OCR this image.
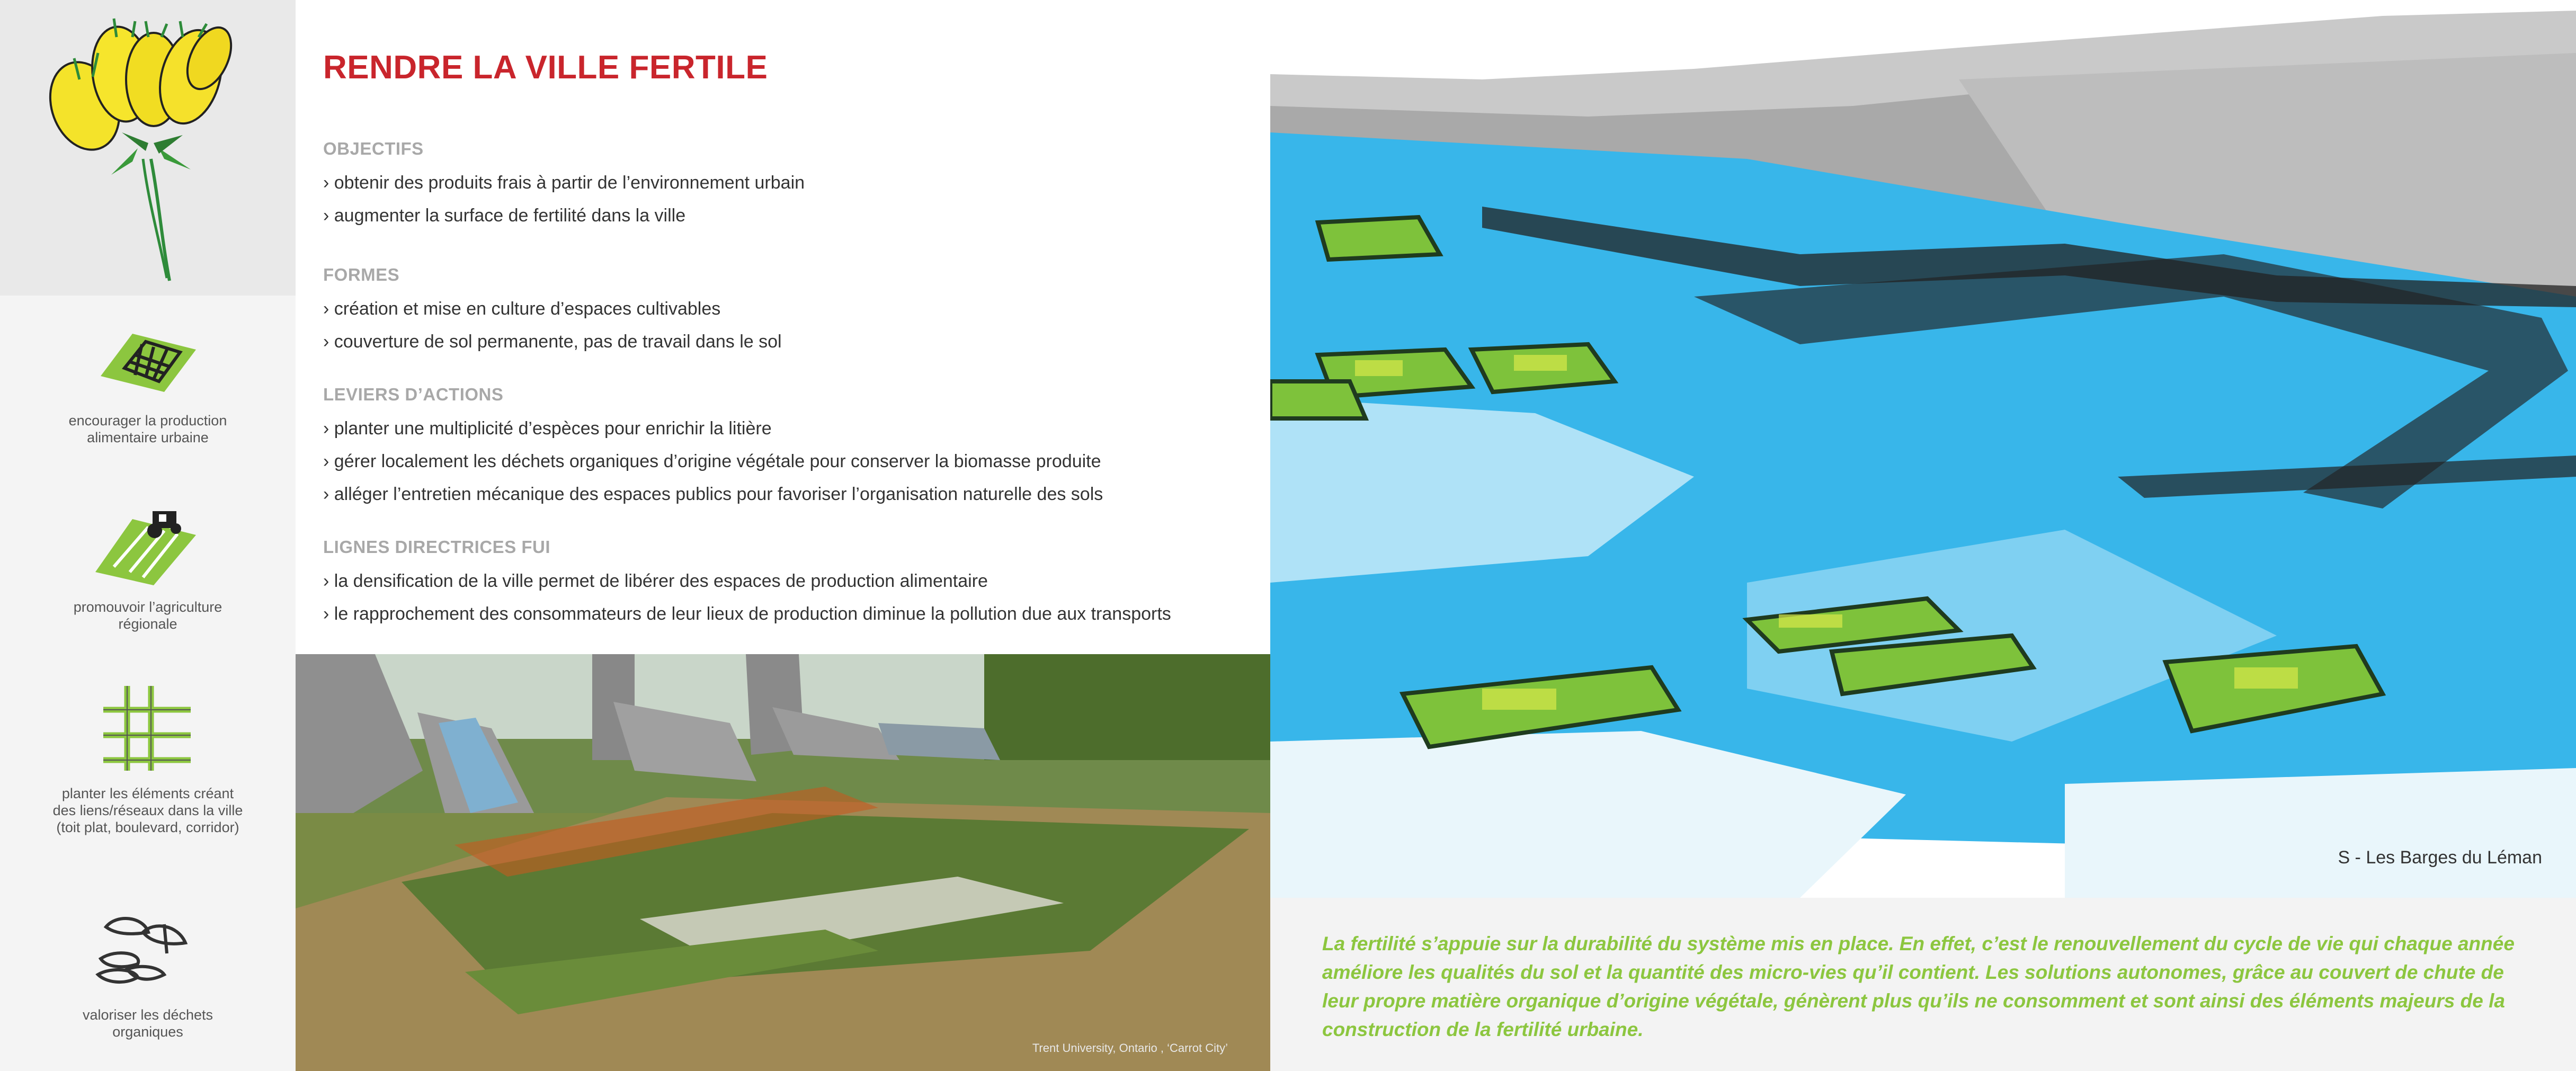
encourager la production
alimentaire urbaine
promouvoir l’agriculture
régionale
planter les éléments créant
des liens/réseaux dans la ville
(toit plat, boulevard, corridor)
valoriser les déchets
organiques
RENDRE LA VILLE FERTILE
OBJECTIFS

› obtenir des produits frais à partir de l’environnement urbain

› augmenter la surface de fertilité dans la ville

FORMES

› création et mise en culture d’espaces cultivables

› couverture de sol permanente, pas de travail dans le sol

LEVIERS D’ACTIONS

› planter une multiplicité d’espèces pour enrichir la litière

› gérer localement les déchets organiques d’origine végétale pour conserver la biomasse produite

› alléger l’entretien mécanique des espaces publics pour favoriser l’organisation naturelle des sols

LIGNES DIRECTRICES FUI

› la densification de la ville permet de libérer des espaces de production alimentaire

› le rapprochement des consommateurs de leur lieux de production diminue la pollution due aux transports

Trent University, Ontario , ‘Carrot City’
S - Les Barges du Léman

La fertilité s’appuie sur la durabilité du système mis en place. En effet, c’est le renouvellement du cycle de vie qui chaque année améliore les qualités du sol et la quantité des micro-vies qu’il contient. Les solutions autonomes, grâce au couvert de chute de leur propre matière organique d’origine végétale, génèrent plus qu’ils ne consomment et sont ainsi des éléments majeurs de la construction de la fertilité urbaine.
